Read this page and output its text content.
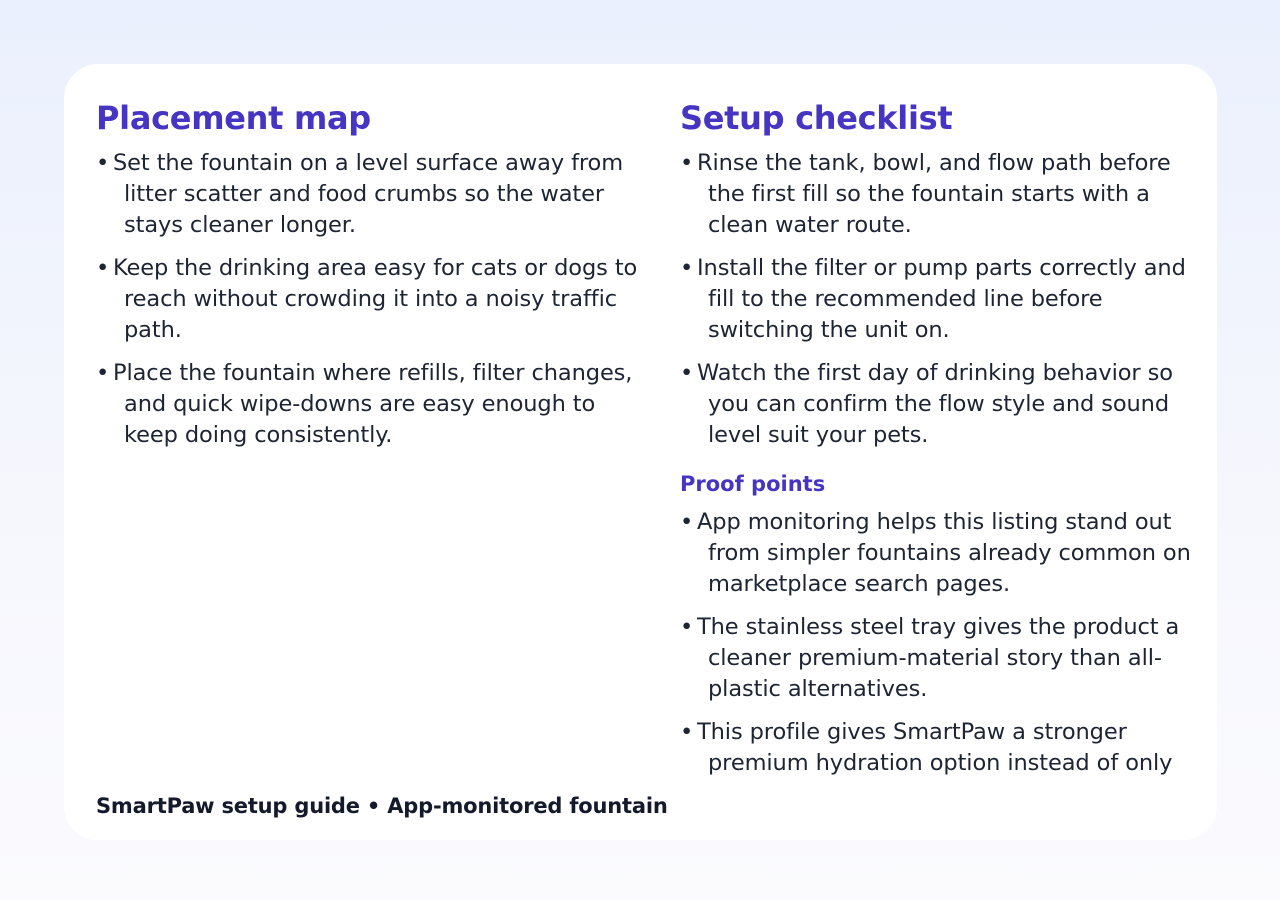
Placement map
• Set the fountain on a level surface away from litter scatter and food crumbs so the water stays cleaner longer.
• Keep the drinking area easy for cats or dogs to reach without crowding it into a noisy traffic path.
• Place the fountain where refills, filter changes, and quick wipe-downs are easy enough to keep doing consistently.
Setup checklist
• Rinse the tank, bowl, and flow path before the first fill so the fountain starts with a clean water route.
• Install the filter or pump parts correctly and fill to the recommended line before switching the unit on.
• Watch the first day of drinking behavior so you can confirm the flow style and sound level suit your pets.
Proof points
• App monitoring helps this listing stand out from simpler fountains already common on marketplace search pages.
• The stainless steel tray gives the product a cleaner premium-material story than all-plastic alternatives.
• This profile gives SmartPaw a stronger premium hydration option instead of only
SmartPaw setup guide • App-monitored fountain
